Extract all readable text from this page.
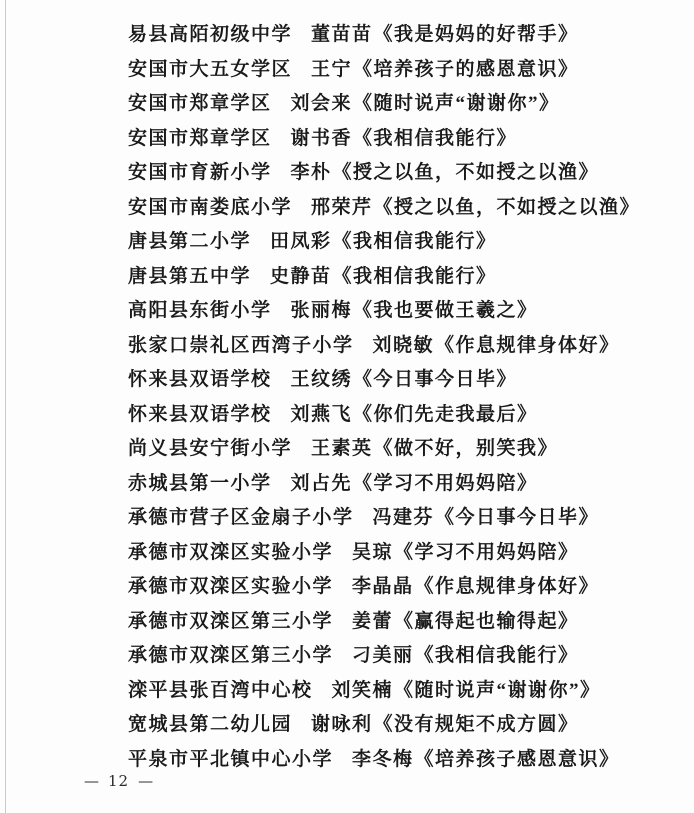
易县高陌初级中学 董苗苗《我是妈妈的好帮手》
安国市大五女学区 王宁《培养孩子的感恩意识》
安国市郑章学区 刘会来《随时说声“谢谢你”》
安国市郑章学区 谢书香《我相信我能行》
安国市育新小学 李朴《授之以鱼，不如授之以渔》
安国市南娄底小学 邢荣芹《授之以鱼，不如授之以渔》
唐县第二小学 田凤彩《我相信我能行》
唐县第五中学 史静苗《我相信我能行》
高阳县东街小学 张丽梅《我也要做王羲之》
张家口崇礼区西湾子小学 刘晓敏《作息规律身体好》
怀来县双语学校 王纹绣《今日事今日毕》
怀来县双语学校 刘燕飞《你们先走我最后》
尚义县安宁街小学 王素英《做不好，别笑我》
赤城县第一小学 刘占先《学习不用妈妈陪》
承德市营子区金扇子小学 冯建芬《今日事今日毕》
承德市双滦区实验小学 吴琼《学习不用妈妈陪》
承德市双滦区实验小学 李晶晶《作息规律身体好》
承德市双滦区第三小学 姜蕾《赢得起也输得起》
承德市双滦区第三小学 刁美丽《我相信我能行》
滦平县张百湾中心校 刘笑楠《随时说声“谢谢你”》
宽城县第二幼儿园 谢咏利《没有规矩不成方圆》
平泉市平北镇中心小学 李冬梅《培养孩子感恩意识》
— 12 —
